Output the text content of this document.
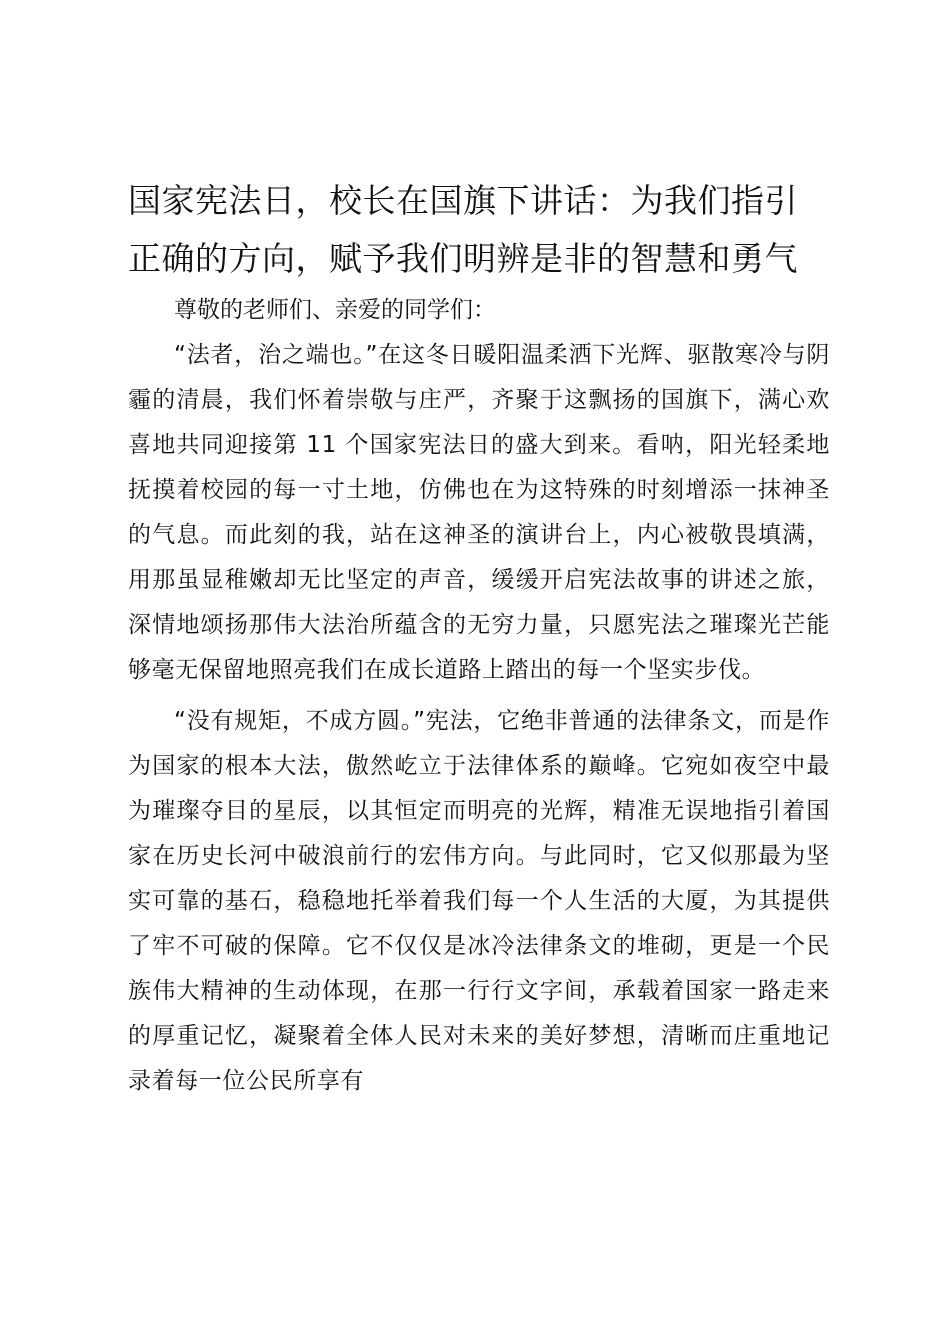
国家宪法日，校长在国旗下讲话：为我们指引
正确的方向，赋予我们明辨是非的智慧和勇气

尊敬的老师们、亲爱的同学们：

“法者，治之端也。”在这冬日暖阳温柔洒下光辉、驱散寒冷与阴霾的清晨，我们怀着崇敬与庄严，齐聚于这飘扬的国旗下，满心欢喜地共同迎接第 11 个国家宪法日的盛大到来。看呐，阳光轻柔地抚摸着校园的每一寸土地，仿佛也在为这特殊的时刻增添一抹神圣的气息。而此刻的我，站在这神圣的演讲台上，内心被敬畏填满，用那虽显稚嫩却无比坚定的声音，缓缓开启宪法故事的讲述之旅，深情地颂扬那伟大法治所蕴含的无穷力量，只愿宪法之璀璨光芒能够毫无保留地照亮我们在成长道路上踏出的每一个坚实步伐。

“没有规矩，不成方圆。”宪法，它绝非普通的法律条文，而是作为国家的根本大法，傲然屹立于法律体系的巅峰。它宛如夜空中最为璀璨夺目的星辰，以其恒定而明亮的光辉，精准无误地指引着国家在历史长河中破浪前行的宏伟方向。与此同时，它又似那最为坚实可靠的基石，稳稳地托举着我们每一个人生活的大厦，为其提供了牢不可破的保障。它不仅仅是冰冷法律条文的堆砌，更是一个民族伟大精神的生动体现，在那一行行文字间，承载着国家一路走来的厚重记忆，凝聚着全体人民对未来的美好梦想，清晰而庄重地记录着每一位公民所享有
